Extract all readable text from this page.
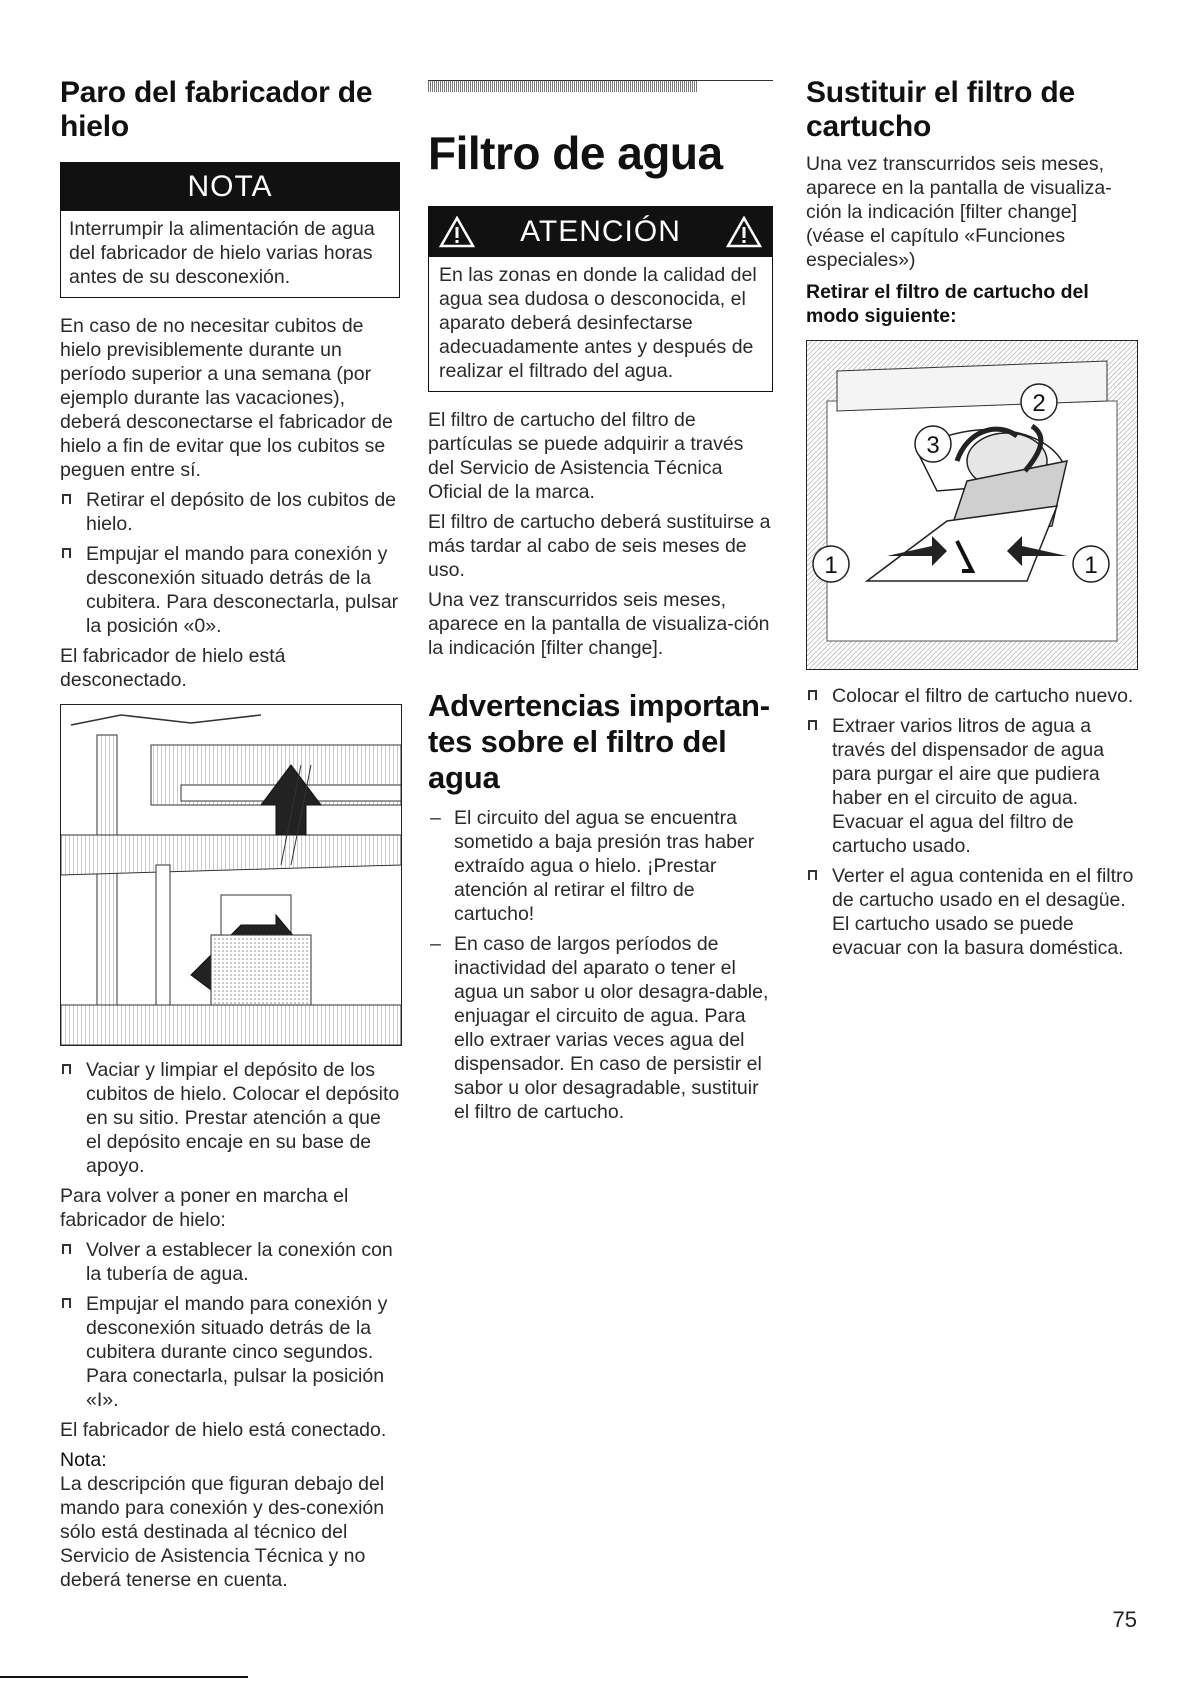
Paro del fabricador de hielo
NOTA
Interrumpir la alimentación de agua del fabricador de hielo varias horas antes de su desconexión.

En caso de no necesitar cubitos de hielo previsiblemente durante un período superior a una semana (por ejemplo durante las vacaciones), deberá desconectarse el fabricador de hielo a fin de evitar que los cubitos se peguen entre sí.

Retirar el depósito de los cubitos de hielo.
Empujar el mando para conexión y desconexión situado detrás de la cubitera. Para desconectarla, pulsar la posición «0».

El fabricador de hielo está desconectado.

Vaciar y limpiar el depósito de los cubitos de hielo. Colocar el depósito en su sitio. Prestar atención a que el depósito encaje en su base de apoyo.

Para volver a poner en marcha el fabricador de hielo:

Volver a establecer la conexión con la tubería de agua.
Empujar el mando para conexión y desconexión situado detrás de la cubitera durante cinco segundos. Para conectarla, pulsar la posición «I».

El fabricador de hielo está conectado.

Nota:

La descripción que figuran debajo del mando para conexión y des-conexión sólo está destinada al técnico del Servicio de Asistencia Técnica y no deberá tenerse en cuenta.

Filtro de agua
ATENCIÓN
En las zonas en donde la calidad del agua sea dudosa o desconocida, el aparato deberá desinfectarse adecuadamente antes y después de realizar el filtrado del agua.

El filtro de cartucho del filtro de partículas se puede adquirir a través del Servicio de Asistencia Técnica Oficial de la marca.

El filtro de cartucho deberá sustituirse a más tardar al cabo de seis meses de uso.

Una vez transcurridos seis meses, aparece en la pantalla de visualiza-ción la indicación [filter change].

Advertencias importan-tes sobre el filtro del agua
– El circuito del agua se encuentra sometido a baja presión tras haber extraído agua o hielo. ¡Prestar atención al retirar el filtro de cartucho!
– En caso de largos períodos de inactividad del aparato o tener el agua un sabor u olor desagra-dable, enjuagar el circuito de agua. Para ello extraer varias veces agua del dispensador. En caso de persistir el sabor u olor desagradable, sustituir el filtro de cartucho.
Sustituir el filtro de cartucho

Una vez transcurridos seis meses, aparece en la pantalla de visualiza-ción la indicación [filter change] (véase el capítulo «Funciones especiales»)

Retirar el filtro de cartucho del modo siguiente:

1
2
3
1
Colocar el filtro de cartucho nuevo.
Extraer varios litros de agua a través del dispensador de agua para purgar el aire que pudiera haber en el circuito de agua. Evacuar el agua del filtro de cartucho usado.
Verter el agua contenida en el filtro de cartucho usado en el desagüe. El cartucho usado se puede evacuar con la basura doméstica.
75
